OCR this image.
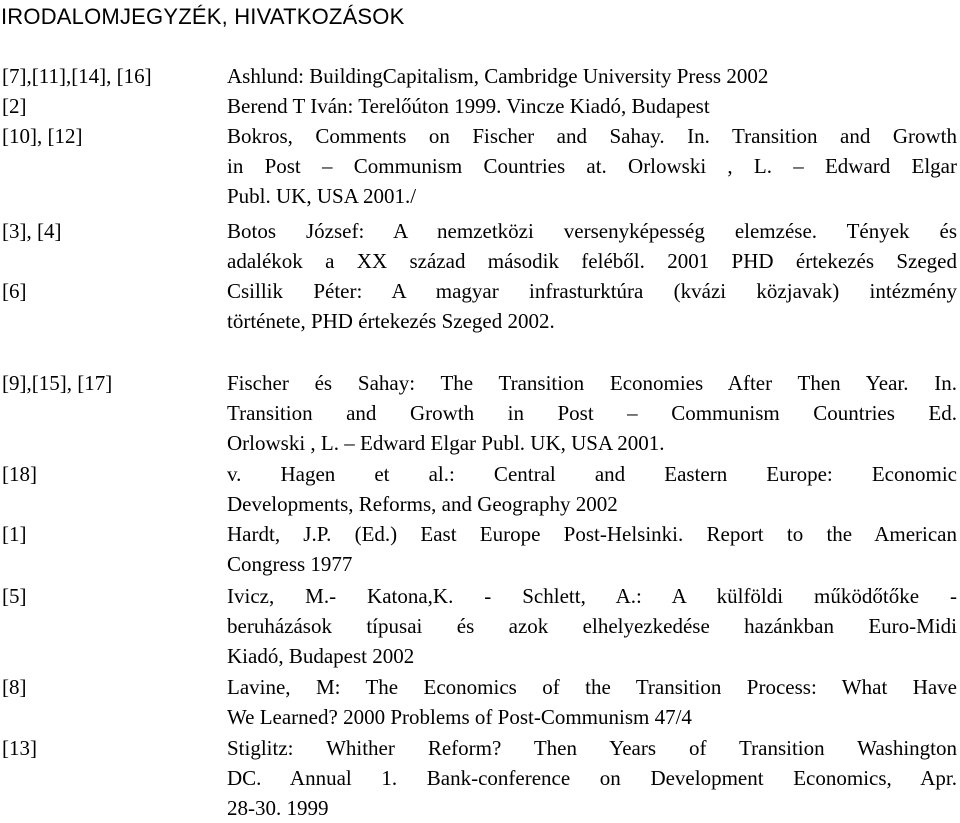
IRODALOMJEGYZÉK, HIVATKOZÁSOK
[7],[11],[14], [16]	Ashlund: BuildingCapitalism, Cambridge University Press 2002
[2]	Berend T Iván: Terelőúton 1999. Vincze Kiadó, Budapest
[10], [12]	Bokros, Comments on Fischer and Sahay. In. Transition and Growth
in Post – Communism Countries at. Orlowski , L. – Edward Elgar
Publ. UK, USA 2001./
[3], [4]	Botos József: A nemzetközi versenyképesség elemzése. Tények és
adalékok a XX század második feléből. 2001 PHD értekezés Szeged
[6]	Csillik Péter: A magyar infrasturktúra (kvázi közjavak) intézmény
története, PHD értekezés Szeged 2002.
[9],[15], [17]	Fischer és Sahay: The Transition Economies After Then Year. In.
Transition and Growth in Post – Communism Countries Ed.
Orlowski , L. – Edward Elgar Publ. UK, USA 2001.
[18]	v. Hagen et al.: Central and Eastern Europe: Economic
Developments, Reforms, and Geography 2002
[1]	Hardt, J.P. (Ed.) East Europe Post-Helsinki. Report to the American
Congress 1977
[5]	Ivicz, M.- Katona,K. - Schlett, A.: A külföldi működőtőke -
beruházások típusai és azok elhelyezkedése hazánkban Euro-Midi
Kiadó, Budapest 2002
[8]	Lavine, M: The Economics of the Transition Process: What Have
We Learned? 2000 Problems of Post-Communism 47/4
[13]	Stiglitz: Whither Reform? Then Years of Transition Washington
DC. Annual 1. Bank-conference on Development Economics, Apr.
28-30. 1999
